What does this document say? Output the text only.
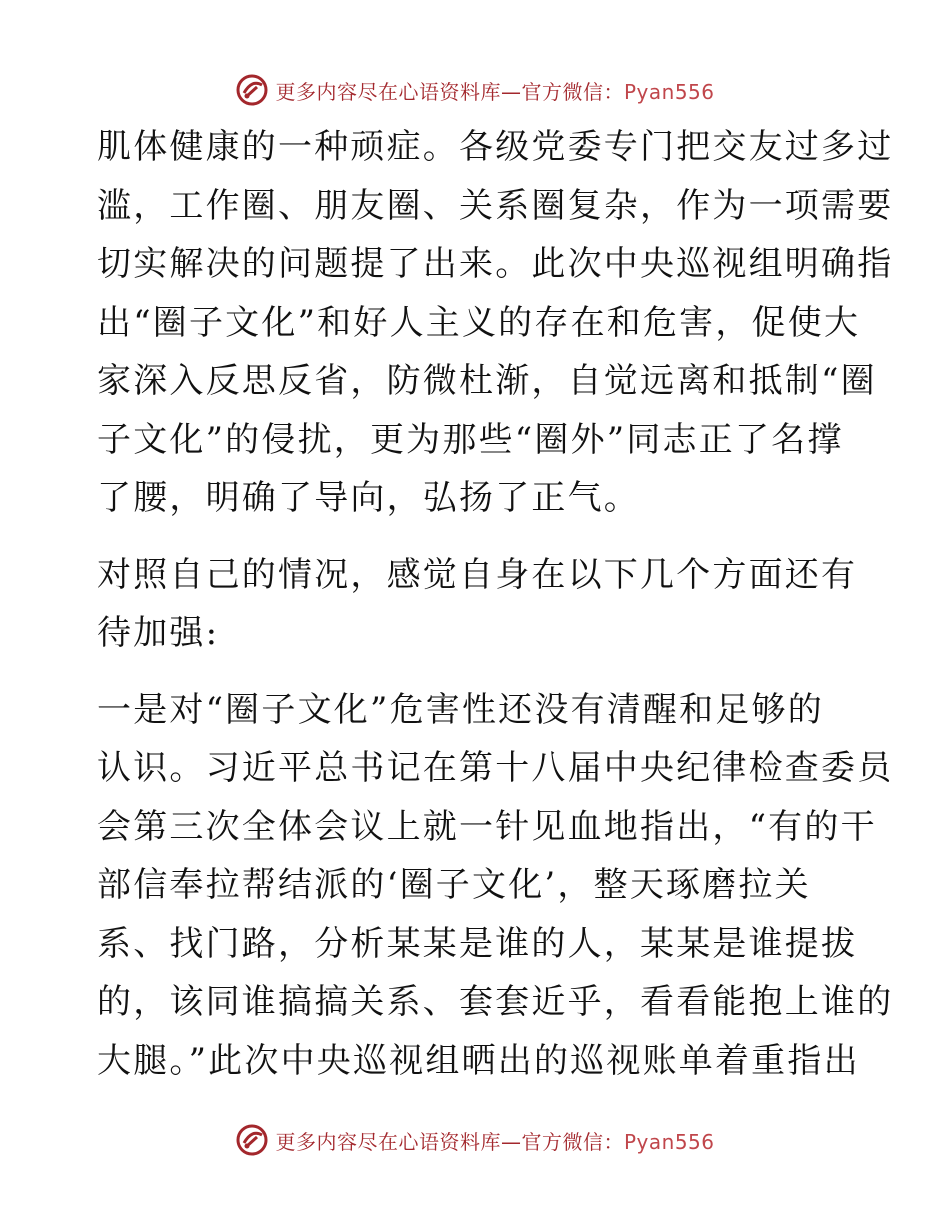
更多内容尽在心语资料库—官方微信：Pyan556
肌体健康的一种顽症。各级党委专门把交友过多过
滥，工作圈、朋友圈、关系圈复杂，作为一项需要
切实解决的问题提了出来。此次中央巡视组明确指
出“圈子文化”和好人主义的存在和危害，促使大
家深入反思反省，防微杜渐，自觉远离和抵制“圈
子文化”的侵扰，更为那些“圈外”同志正了名撑
了腰，明确了导向，弘扬了正气。
对照自己的情况，感觉自身在以下几个方面还有
待加强:
一是对“圈子文化”危害性还没有清醒和足够的
认识。习近平总书记在第十八届中央纪律检查委员
会第三次全体会议上就一针见血地指出，“有的干
部信奉拉帮结派的‘圈子文化’，整天琢磨拉关
系、找门路，分析某某是谁的人，某某是谁提拔
的，该同谁搞搞关系、套套近乎，看看能抱上谁的
大腿。”此次中央巡视组晒出的巡视账单着重指出
更多内容尽在心语资料库—官方微信：Pyan556
